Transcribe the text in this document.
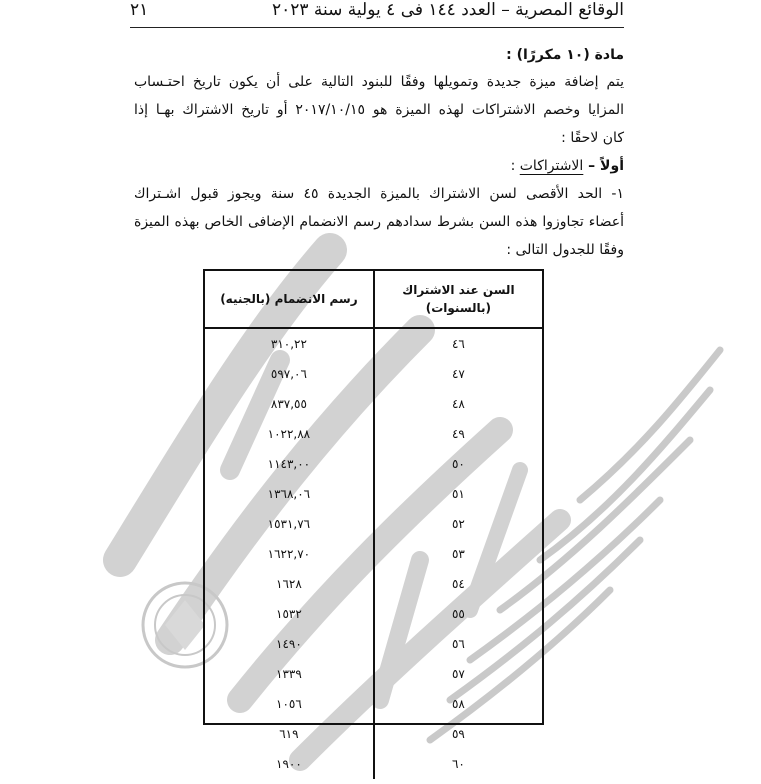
الوقائع المصرية – العدد ١٤٤ فى ٤ يولية سنة ٢٠٢٣
٢١
مادة (١٠ مكررًا) :
يتم إضافة ميزة جديدة وتمويلها وفقًا للبنود التالية على أن يكون تاريخ احتـساب
المزايا وخصم الاشتراكات لهذه الميزة هو ٢٠١٧/١٠/١٥ أو تاريخ الاشتراك بهـا إذا
كان لاحقًا :
أولاً – الاشتراكات :
١- الحد الأقصى لسن الاشتراك بالميزة الجديدة ٤٥ سنة ويجوز قبول اشـتراك
أعضاء تجاوزوا هذه السن بشرط سدادهم رسم الانضمام الإضافى الخاص بهذه الميزة
وفقًا للجدول التالى :
السن عند الاشتراك
(بالسنوات)	رسم الانضمام (بالجنيه)
٤٦	٣١٠,٢٢
٤٧	٥٩٧,٠٦
٤٨	٨٣٧,٥٥
٤٩	١٠٢٢,٨٨
٥٠	١١٤٣,٠٠
٥١	١٣٦٨,٠٦
٥٢	١٥٣١,٧٦
٥٣	١٦٢٢,٧٠
٥٤	١٦٢٨
٥٥	١٥٣٢
٥٦	١٤٩٠
٥٧	١٣٣٩
٥٨	١٠٥٦
٥٩	٦١٩
٦٠	١٩٠٠
